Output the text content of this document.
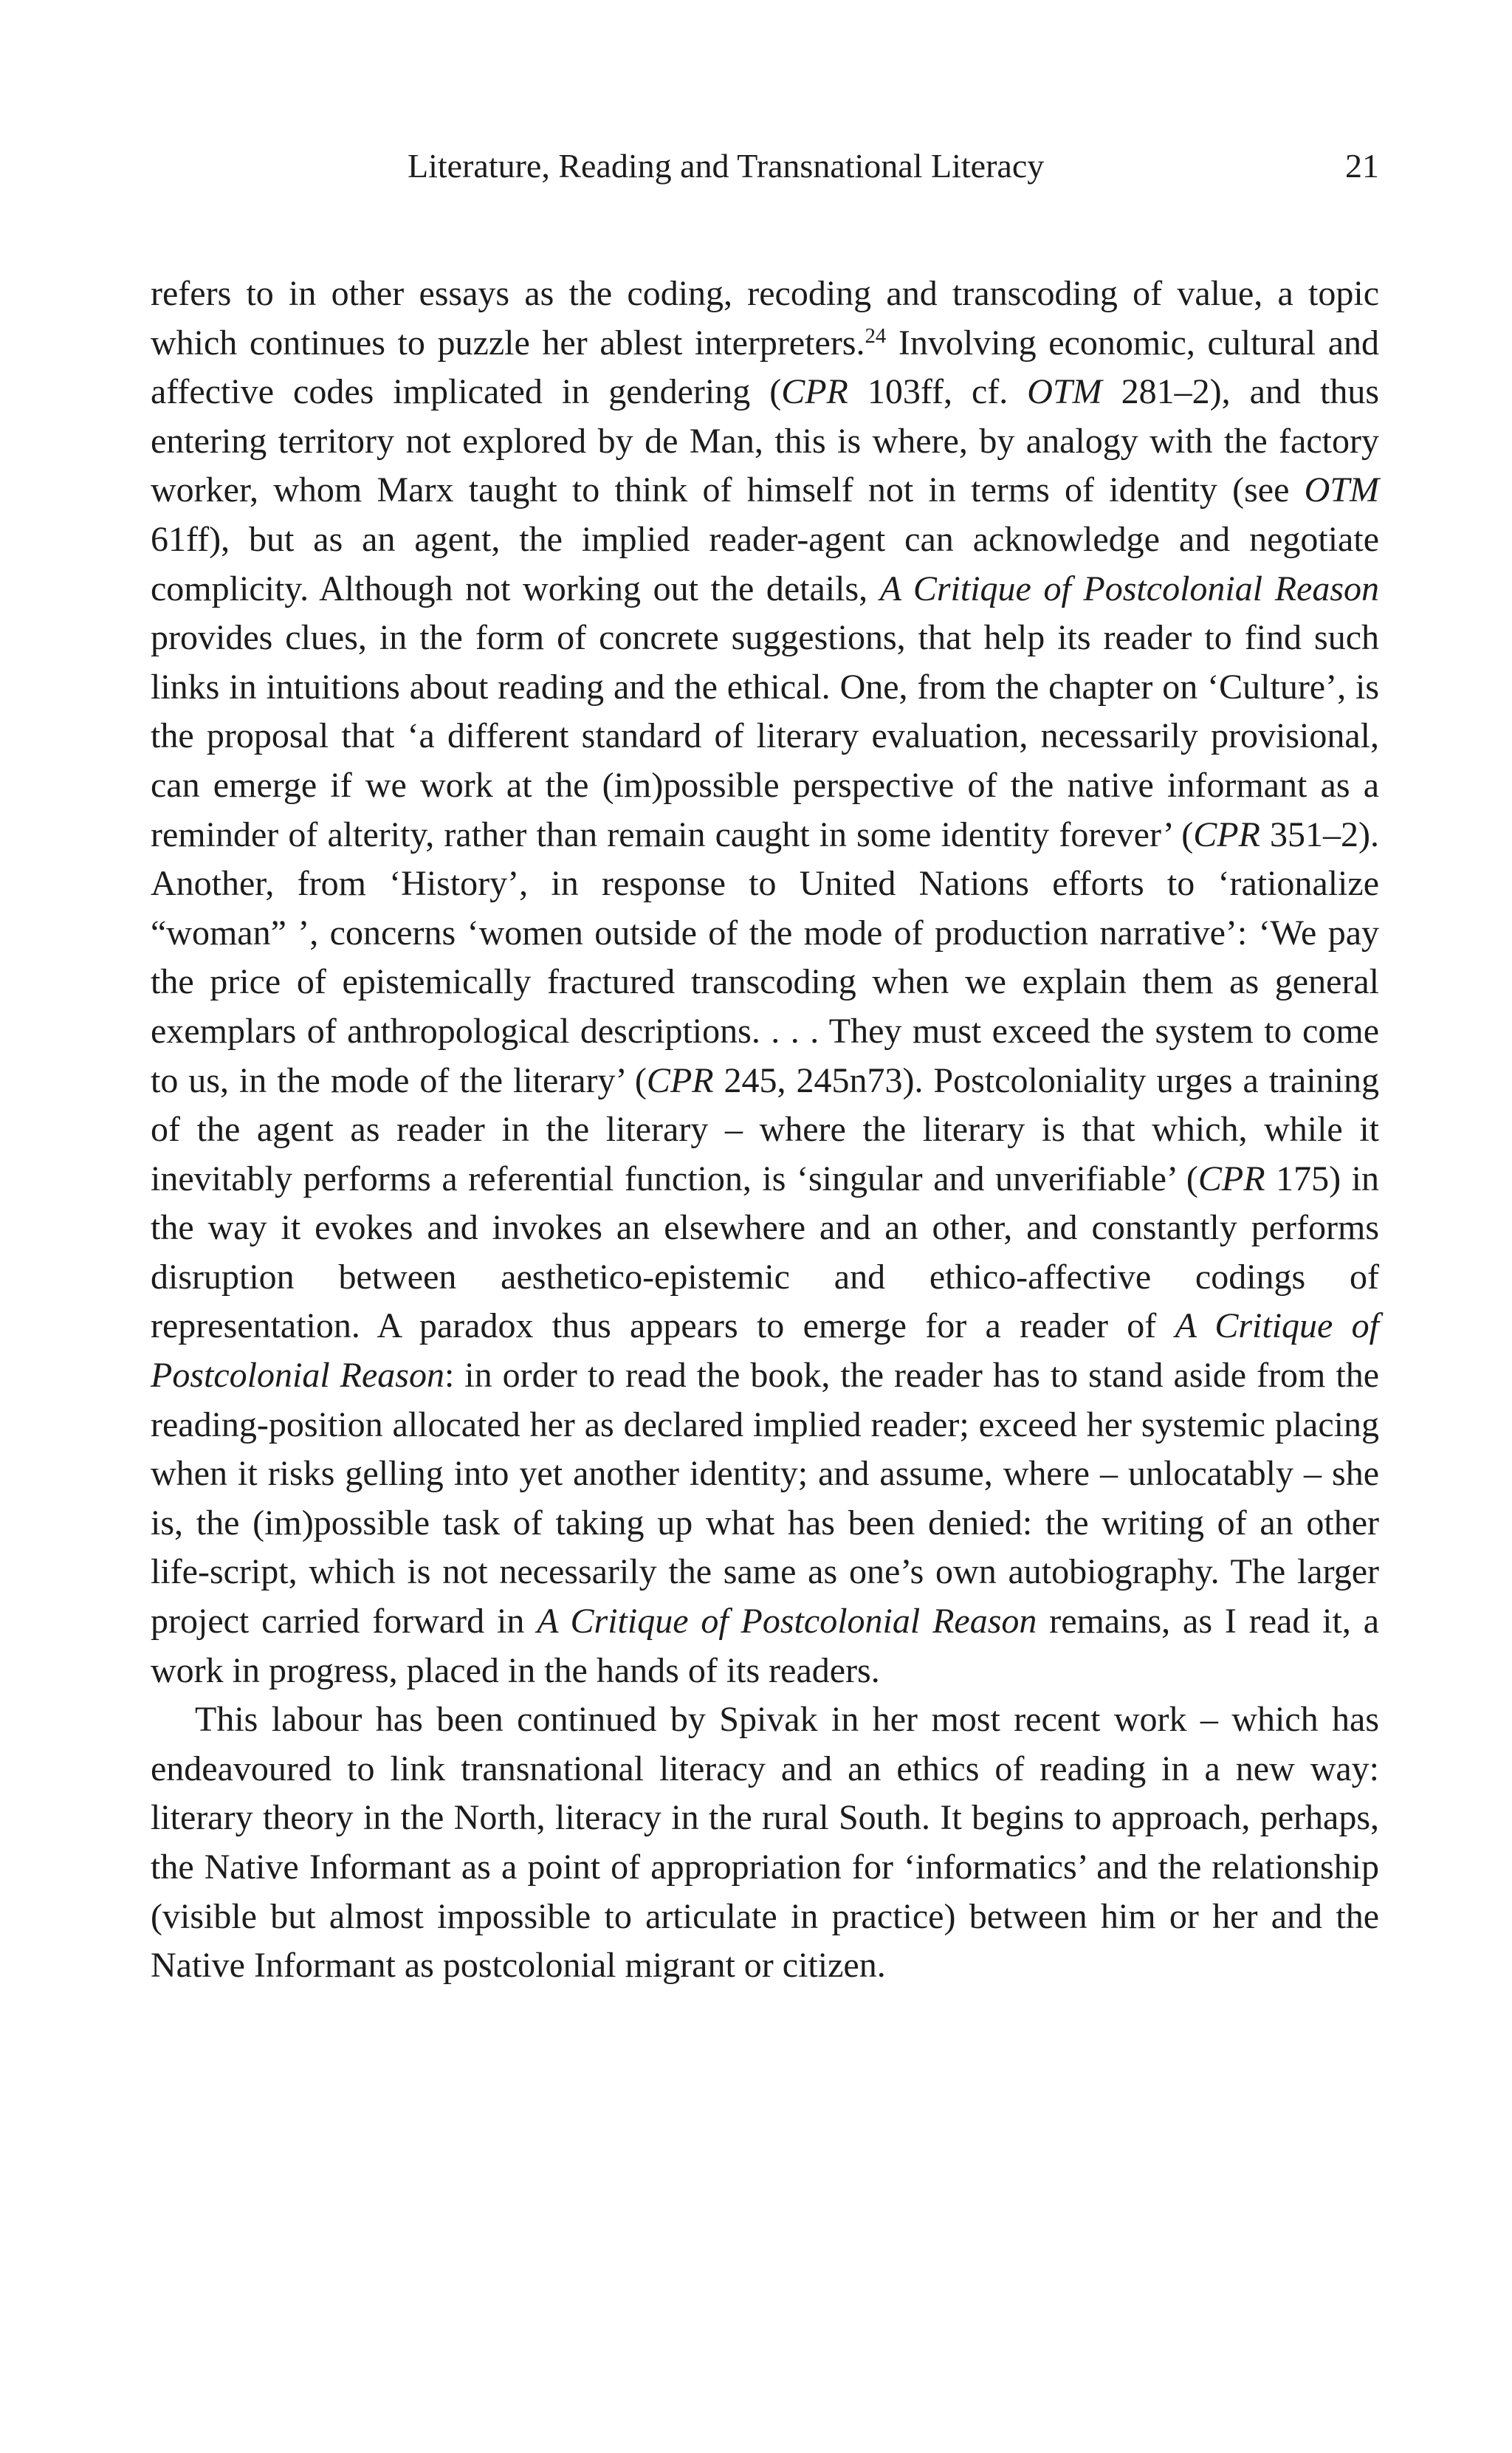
Literature, Reading and Transnational Literacy	21

refers to in other essays as the coding, recoding and transcoding of value, a topic which continues to puzzle her ablest interpreters.$^{24}$ Involving economic, cultural and affective codes implicated in gendering (CPR 103ff, cf. OTM 281–2), and thus entering territory not explored by de Man, this is where, by analogy with the factory worker, whom Marx taught to think of himself not in terms of identity (see OTM 61ff), but as an agent, the implied reader-agent can acknowledge and negotiate complicity. Although not working out the details, A Critique of Postcolonial Reason provides clues, in the form of concrete suggestions, that help its reader to find such links in intuitions about reading and the ethical. One, from the chapter on ‘Culture’, is the proposal that ‘a different standard of literary evaluation, necessarily provisional, can emerge if we work at the (im)possible perspective of the native informant as a reminder of alterity, rather than remain caught in some identity forever’ (CPR 351–2). Another, from ‘History’, in response to United Nations efforts to ‘rationalize “woman” ’, concerns ‘women outside of the mode of production narrative’: ‘We pay the price of epistemically fractured transcoding when we explain them as general exemplars of anthropological descriptions. . . . They must exceed the system to come to us, in the mode of the literary’ (CPR 245, 245n73). Postcoloniality urges a training of the agent as reader in the literary – where the literary is that which, while it inevitably performs a referential function, is ‘singular and unverifiable’ (CPR 175) in the way it evokes and invokes an elsewhere and an other, and constantly performs disruption between aesthetico-epistemic and ethico-affective codings of representation. A paradox thus appears to emerge for a reader of A Critique of Postcolonial Reason: in order to read the book, the reader has to stand aside from the reading-position allocated her as declared implied reader; exceed her systemic placing when it risks gelling into yet another identity; and assume, where – unlocatably – she is, the (im)possible task of taking up what has been denied: the writing of an other life-script, which is not necessarily the same as one’s own autobiography. The larger project carried forward in A Critique of Postcolonial Reason remains, as I read it, a work in progress, placed in the hands of its readers.

This labour has been continued by Spivak in her most recent work – which has endeavoured to link transnational literacy and an ethics of reading in a new way: literary theory in the North, literacy in the rural South. It begins to approach, perhaps, the Native Informant as a point of appropriation for ‘informatics’ and the relationship (visible but almost impossible to articulate in practice) between him or her and the Native Informant as postcolonial migrant or citizen.
